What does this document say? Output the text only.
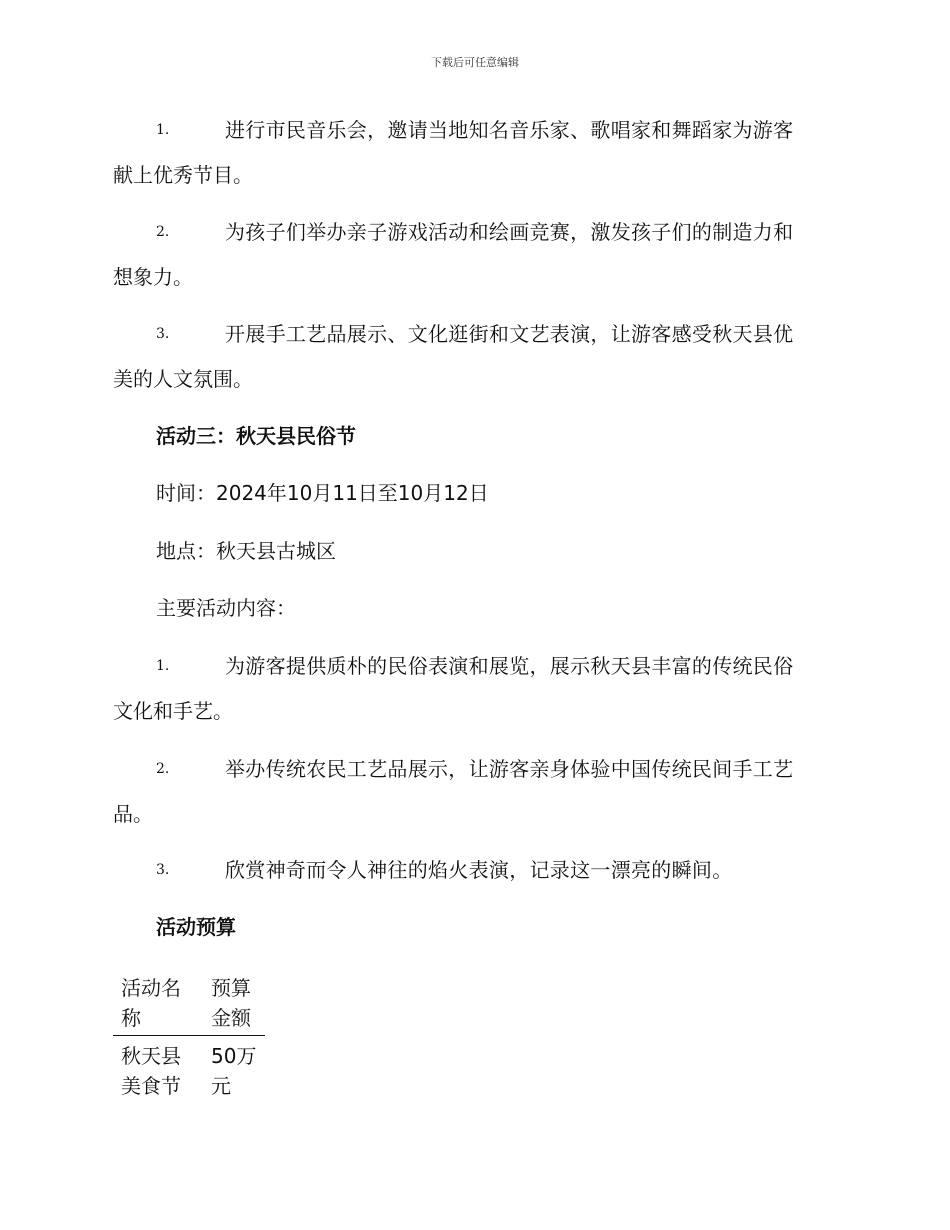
下载后可任意编辑
1.	进行市民音乐会，邀请当地知名音乐家、歌唱家和舞蹈家为游客
献上优秀节目。
2.	为孩子们举办亲子游戏活动和绘画竞赛，激发孩子们的制造力和
想象力。
3.	开展手工艺品展示、文化逛街和文艺表演，让游客感受秋天县优
美的人文氛围。
活动三：秋天县民俗节
时间：2024年10月11日至10月12日
地点：秋天县古城区
主要活动内容：
1.	为游客提供质朴的民俗表演和展览，展示秋天县丰富的传统民俗
文化和手艺。
2.	举办传统农民工艺品展示，让游客亲身体验中国传统民间手工艺
品。
3.	欣赏神奇而令人神往的焰火表演，记录这一漂亮的瞬间。
活动预算
活动名称	预算金额
秋天县美食节	50万元
